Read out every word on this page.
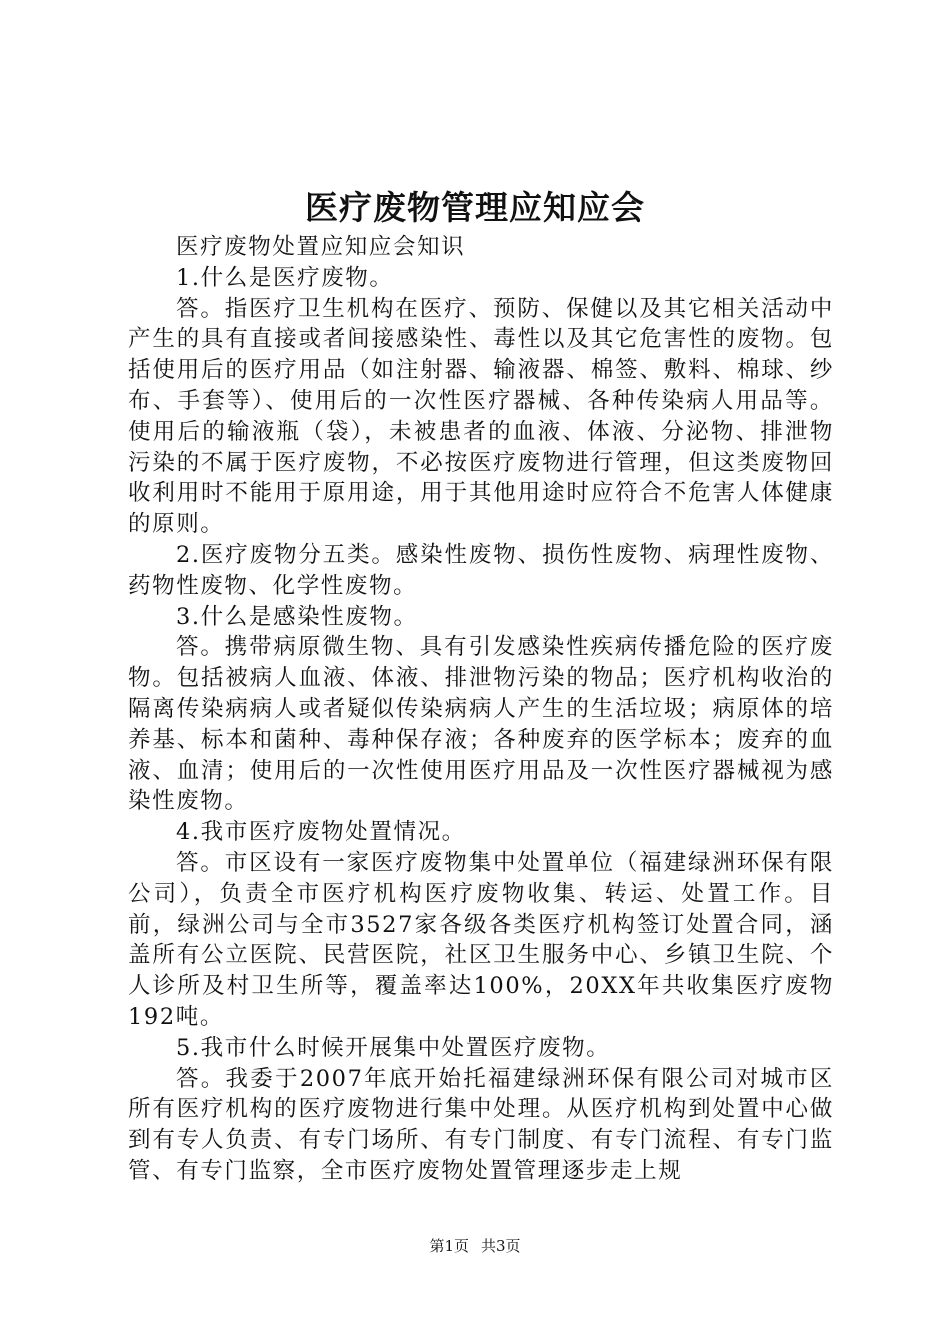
医疗废物管理应知应会

医疗废物处置应知应会知识

1.什么是医疗废物。

答。指医疗卫生机构在医疗、预防、保健以及其它相关活动中产生的具有直接或者间接感染性、毒性以及其它危害性的废物。包括使用后的医疗用品（如注射器、输液器、棉签、敷料、棉球、纱布、手套等）、使用后的一次性医疗器械、各种传染病人用品等。使用后的输液瓶（袋），未被患者的血液、体液、分泌物、排泄物污染的不属于医疗废物，不必按医疗废物进行管理，但这类废物回收利用时不能用于原用途，用于其他用途时应符合不危害人体健康的原则。

2.医疗废物分五类。感染性废物、损伤性废物、病理性废物、药物性废物、化学性废物。

3.什么是感染性废物。

答。携带病原微生物、具有引发感染性疾病传播危险的医疗废物。包括被病人血液、体液、排泄物污染的物品；医疗机构收治的隔离传染病病人或者疑似传染病病人产生的生活垃圾；病原体的培养基、标本和菌种、毒种保存液；各种废弃的医学标本；废弃的血液、血清；使用后的一次性使用医疗用品及一次性医疗器械视为感染性废物。

4.我市医疗废物处置情况。

答。市区设有一家医疗废物集中处置单位（福建绿洲环保有限公司），负责全市医疗机构医疗废物收集、转运、处置工作。目前，绿洲公司与全市3527家各级各类医疗机构签订处置合同，涵盖所有公立医院、民营医院，社区卫生服务中心、乡镇卫生院、个人诊所及村卫生所等，覆盖率达100%，20XX年共收集医疗废物192吨。

5.我市什么时候开展集中处置医疗废物。

答。我委于2007年底开始托福建绿洲环保有限公司对城市区所有医疗机构的医疗废物进行集中处理。从医疗机构到处置中心做到有专人负责、有专门场所、有专门制度、有专门流程、有专门监管、有专门监察，全市医疗废物处置管理逐步走上规

第1页 共3页
